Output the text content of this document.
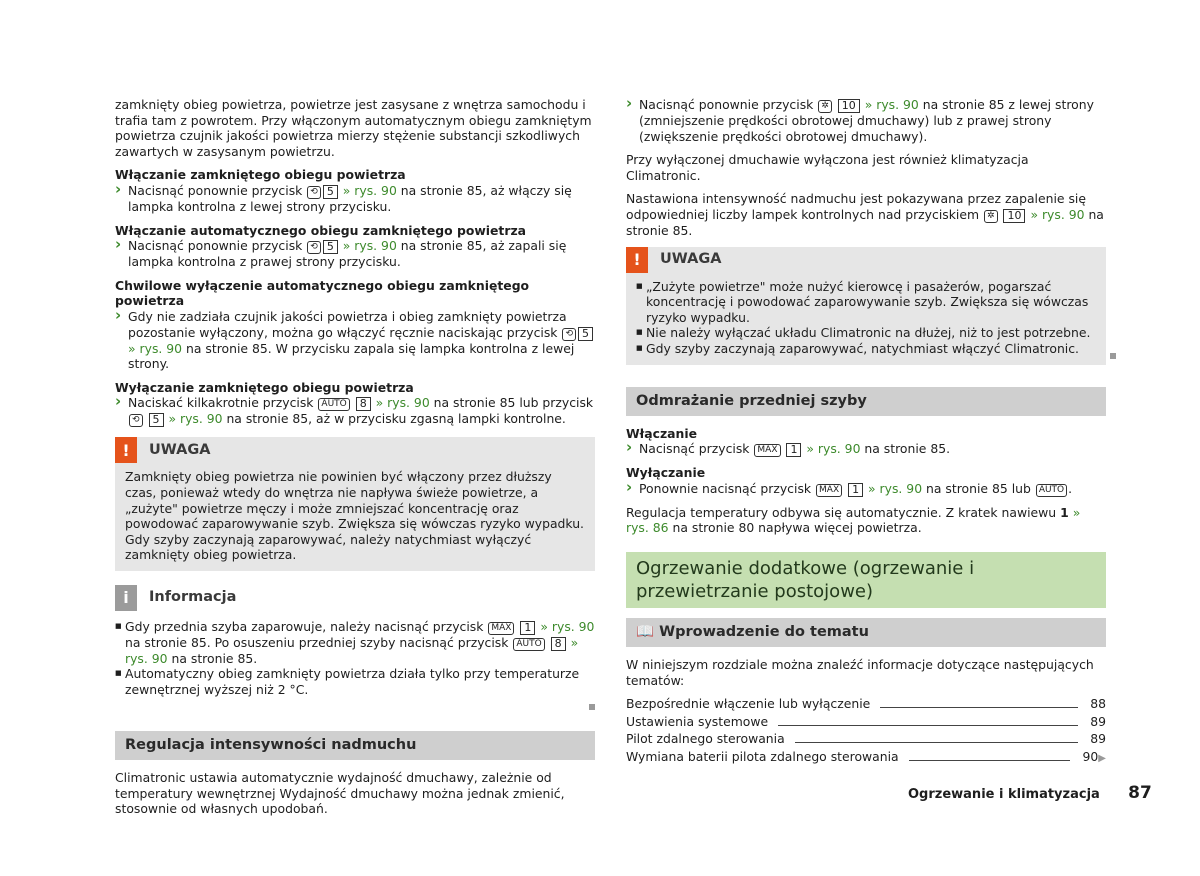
zamknięty obieg powietrza, powietrze jest zasysane z wnętrza samochodu i trafia tam z powrotem. Przy włączonym automatycznym obiegu zamkniętym powietrza czujnik jakości powietrza mierzy stężenie substancji szkodliwych zawartych w zasysanym powietrzu.

Włączanie zamkniętego obiegu powietrza

› Nacisnąć ponownie przycisk ⟲ 5 » rys. 90 na stronie 85, aż włączy się lampka kontrolna z lewej strony przycisku.

Włączanie automatycznego obiegu zamkniętego powietrza

› Nacisnąć ponownie przycisk ⟲ 5 » rys. 90 na stronie 85, aż zapali się lampka kontrolna z prawej strony przycisku.

Chwilowe wyłączenie automatycznego obiegu zamkniętego powietrza

› Gdy nie zadziała czujnik jakości powietrza i obieg zamknięty powietrza pozostanie wyłączony, można go włączyć ręcznie naciskając przycisk ⟲ 5 » rys. 90 na stronie 85. W przycisku zapala się lampka kontrolna z lewej strony.

Wyłączanie zamkniętego obiegu powietrza

› Naciskać kilkakrotnie przycisk AUTO 8 » rys. 90 na stronie 85 lub przycisk ⟲ 5 » rys. 90 na stronie 85, aż w przycisku zgasną lampki kontrolne.

!	UWAGA
Zamknięty obieg powietrza nie powinien być włączony przez dłuższy czas, ponieważ wtedy do wnętrza nie napływa świeże powietrze, a „zużyte" powietrze męczy i może zmniejszać koncentrację oraz powodować zaparowywanie szyb. Zwiększa się wówczas ryzyko wypadku. Gdy szyby zaczynają zaparowywać, należy natychmiast wyłączyć zamknięty obieg powietrza.
i	Informacja

■ Gdy przednia szyba zaparowuje, należy nacisnąć przycisk MAX 1 » rys. 90 na stronie 85. Po osuszeniu przedniej szyby nacisnąć przycisk AUTO 8 » rys. 90 na stronie 85.

■ Automatyczny obieg zamknięty powietrza działa tylko przy temperaturze zewnętrznej wyższej niż 2 °C.

Regulacja intensywności nadmuchu

Climatronic ustawia automatycznie wydajność dmuchawy, zależnie od temperatury wewnętrznej Wydajność dmuchawy można jednak zmienić, stosownie od własnych upodobań.

› Nacisnąć ponownie przycisk ✲ 10 » rys. 90 na stronie 85 z lewej strony (zmniejszenie prędkości obrotowej dmuchawy) lub z prawej strony (zwiększenie prędkości obrotowej dmuchawy).

Przy wyłączonej dmuchawie wyłączona jest również klimatyzacja Climatronic.

Nastawiona intensywność nadmuchu jest pokazywana przez zapalenie się odpowiedniej liczby lampek kontrolnych nad przyciskiem ✲ 10 » rys. 90 na stronie 85.

!	UWAGA

■ „Zużyte powietrze" może nużyć kierowcę i pasażerów, pogarszać koncentrację i powodować zaparowywanie szyb. Zwiększa się wówczas ryzyko wypadku.

■ Nie należy wyłączać układu Climatronic na dłużej, niż to jest potrzebne.

■ Gdy szyby zaczynają zaparowywać, natychmiast włączyć Climatronic.

Odmrażanie przedniej szyby

Włączanie

› Nacisnąć przycisk MAX 1 » rys. 90 na stronie 85.

Wyłączanie

› Ponownie nacisnąć przycisk MAX 1 » rys. 90 na stronie 85 lub AUTO .

Regulacja temperatury odbywa się automatycznie. Z kratek nawiewu 1 » rys. 86 na stronie 80 napływa więcej powietrza.

Ogrzewanie dodatkowe (ogrzewanie i przewietrzanie postojowe)
📖 Wprowadzenie do tematu

W niniejszym rozdziale można znaleźć informacje dotyczące następujących tematów:

Bezpośrednie włączenie lub wyłączenie	88
Ustawienia systemowe	89
Pilot zdalnego sterowania	89
Wymiana baterii pilota zdalnego sterowania	90 ▶
Ogrzewanie i klimatyzacja 87
